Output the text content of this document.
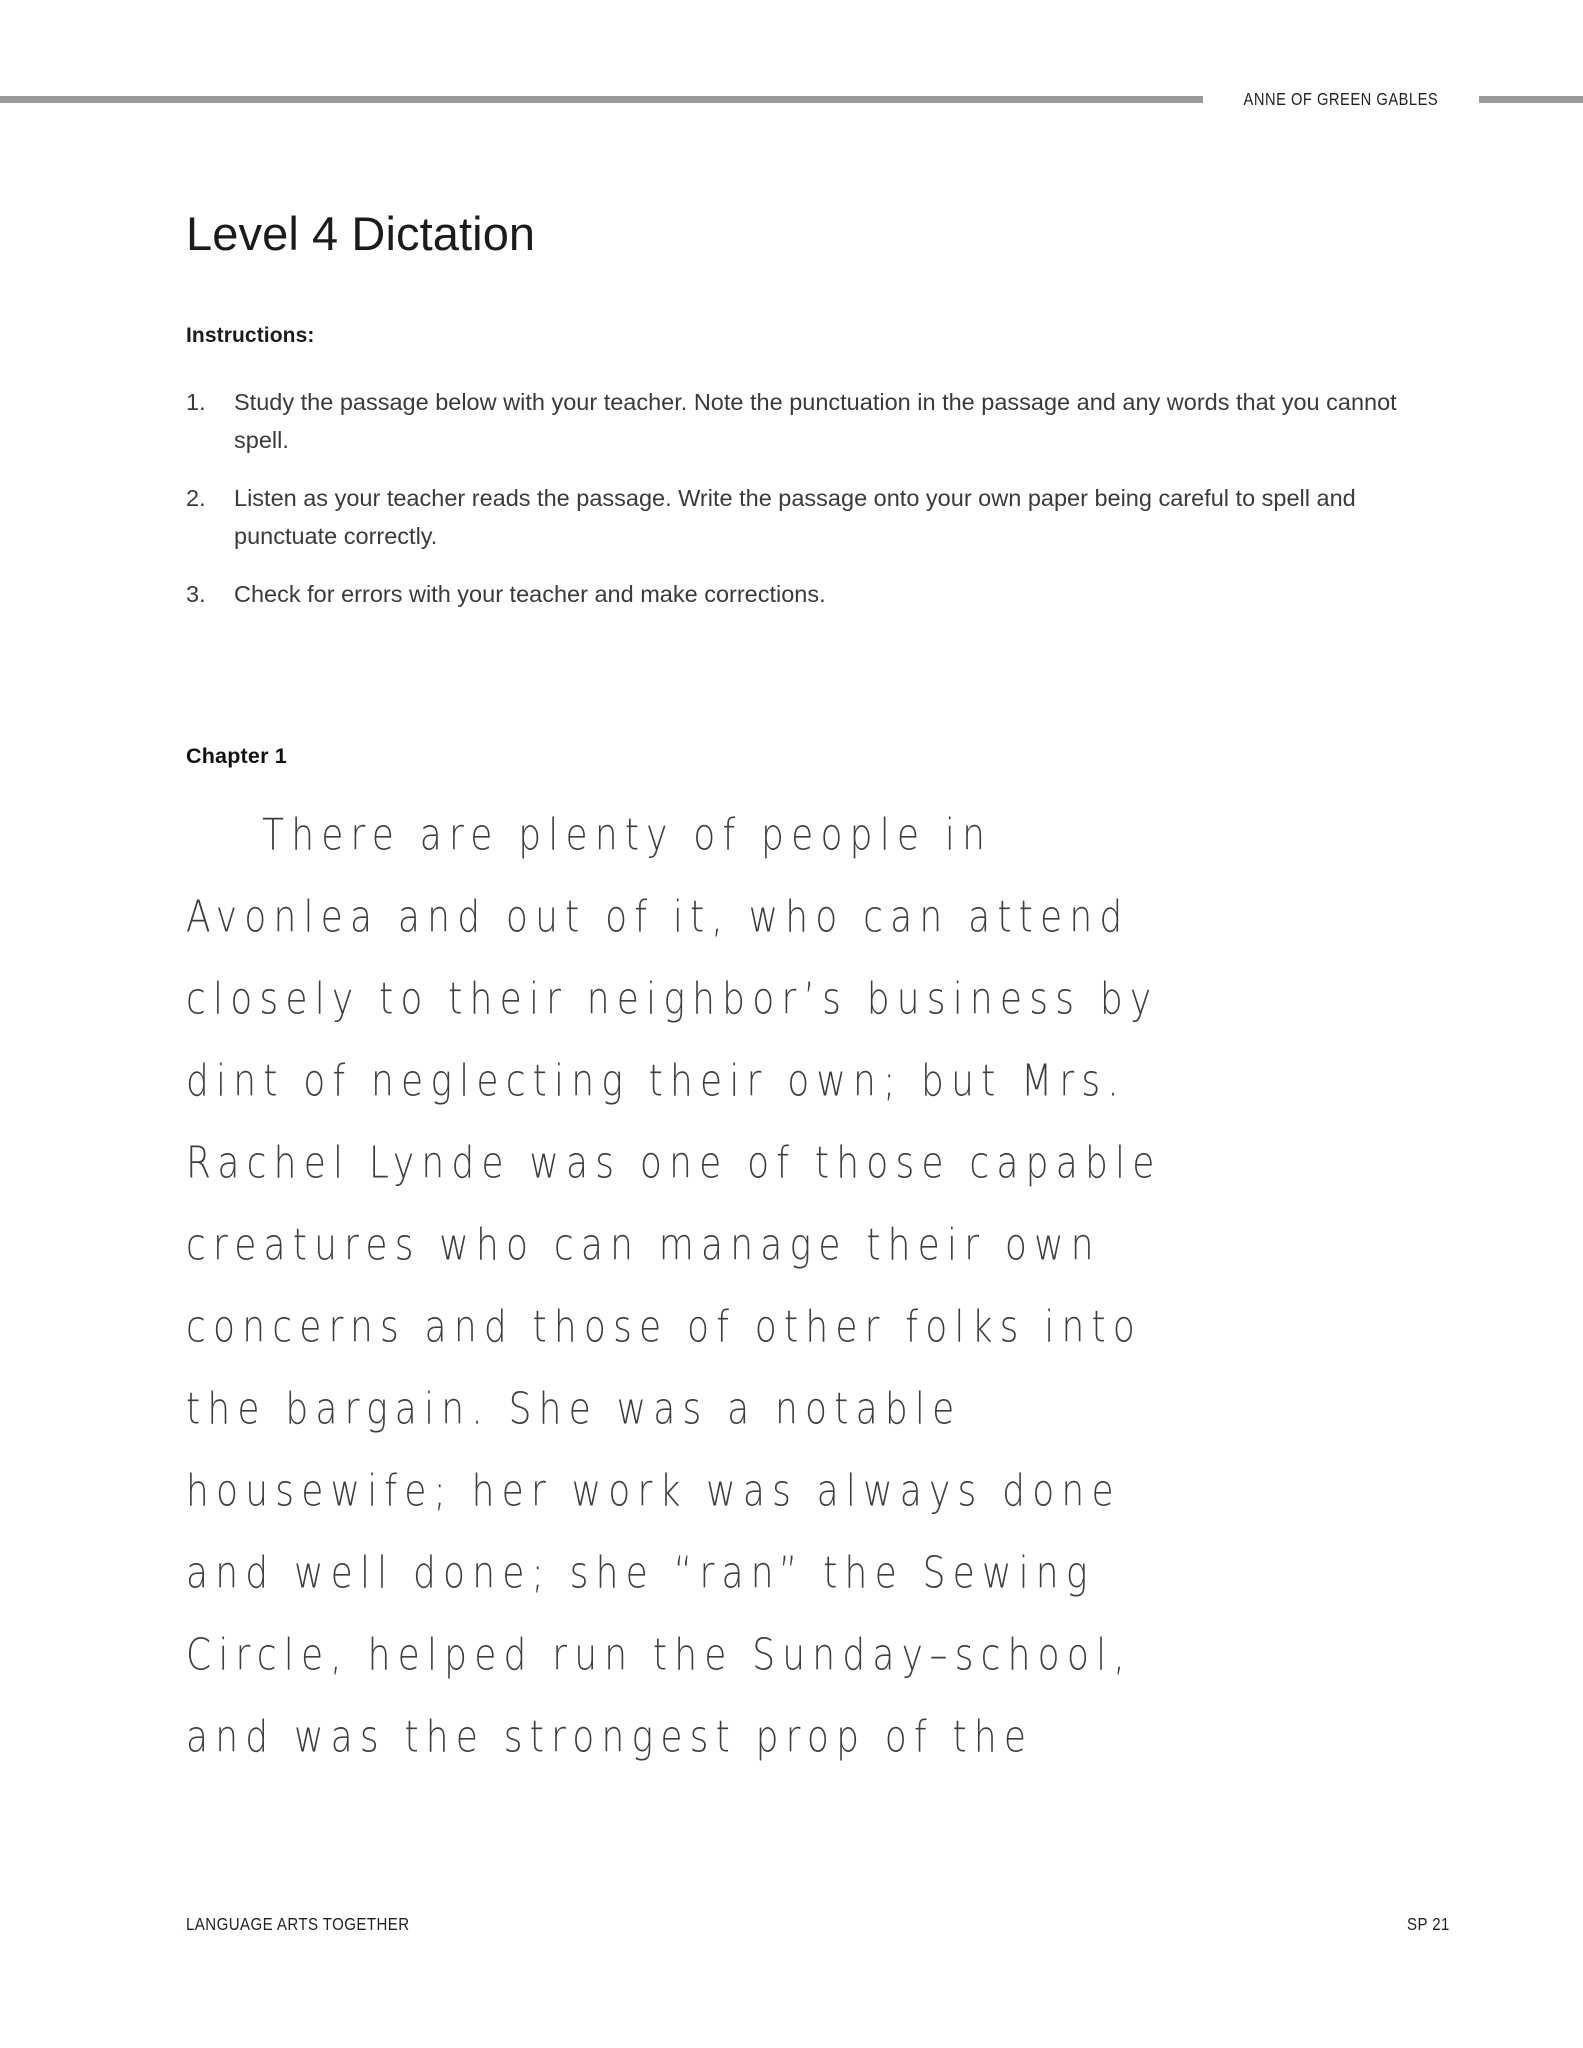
ANNE OF GREEN GABLES
Level 4 Dictation
Instructions:
1.	Study the passage below with your teacher. Note the punctuation in the passage and any words that you cannot spell.
2.	Listen as your teacher reads the passage. Write the passage onto your own paper being careful to spell and punctuate correctly.
3.	Check for errors with your teacher and make corrections.
Chapter 1
There are plenty of people in
Avonlea and out of it, who can attend
closely to their neighbor’s business by
dint of neglecting their own; but Mrs.
Rachel Lynde was one of those capable
creatures who can manage their own
concerns and those of other folks into
the bargain. She was a notable
housewife; her work was always done
and well done; she “ran” the Sewing
Circle, helped run the Sunday–school,
and was the strongest prop of the
LANGUAGE ARTS TOGETHER	SP 21
